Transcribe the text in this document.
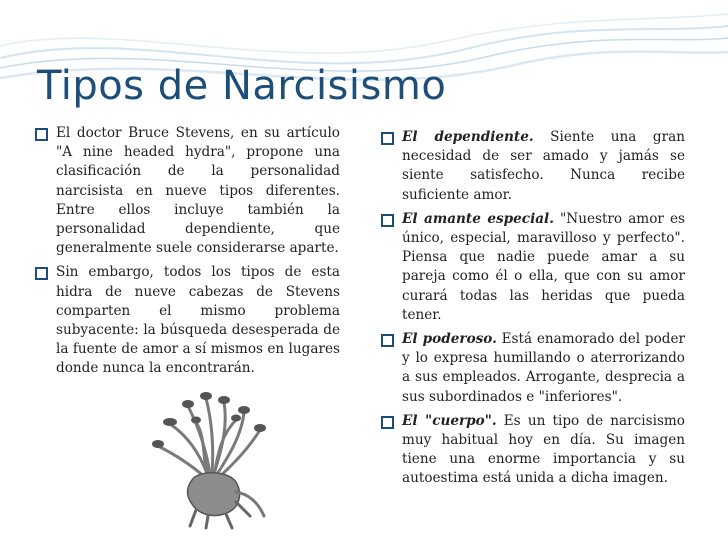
Tipos de Narcisismo

El doctor Bruce Stevens, en su artículo "A nine headed hydra", propone una clasificación de la personalidad narcisista en nueve tipos diferentes. Entre ellos incluye también la personalidad dependiente, que generalmente suele considerarse aparte.

Sin embargo, todos los tipos de esta hidra de nueve cabezas de Stevens comparten el mismo problema subyacente: la búsqueda desesperada de la fuente de amor a sí mismos en lugares donde nunca la encontrarán.

El dependiente. Siente una gran necesidad de ser amado y jamás se siente satisfecho. Nunca recibe suficiente amor.

El amante especial. "Nuestro amor es único, especial, maravilloso y perfecto". Piensa que nadie puede amar a su pareja como él o ella, que con su amor curará todas las heridas que pueda tener.

El poderoso. Está enamorado del poder y lo expresa humillando o aterrorizando a sus empleados. Arrogante, desprecia a sus subordinados e "inferiores".

El "cuerpo". Es un tipo de narcisismo muy habitual hoy en día. Su imagen tiene una enorme importancia y su autoestima está unida a dicha imagen.
